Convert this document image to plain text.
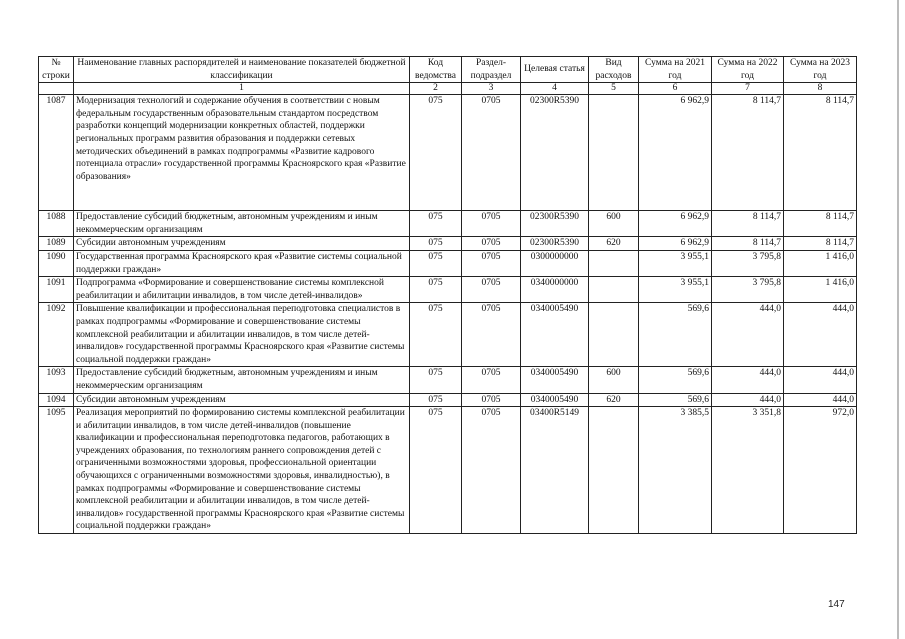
№ строки	Наименование главных распорядителей и наименование показателей бюджетной классификации	Код ведомства	Раздел-подраздел	Целевая статья	Вид расходов	Сумма на 2021 год	Сумма на 2022 год	Сумма на 2023 год
	1	2	3	4	5	6	7	8
1087	Модернизация технологий и содержание обучения в соответствии с новым федеральным государственным образовательным стандартом посредством разработки концепций модернизации конкретных областей, поддержки региональных программ развития образования и поддержки сетевых методических объединений в рамках подпрограммы «Развитие кадрового потенциала отрасли» государственной программы Красноярского края «Развитие образования»	075	0705	02300R5390		6 962,9	8 114,7	8 114,7
1088	Предоставление субсидий бюджетным, автономным учреждениям и иным некоммерческим организациям	075	0705	02300R5390	600	6 962,9	8 114,7	8 114,7
1089	Субсидии автономным учреждениям	075	0705	02300R5390	620	6 962,9	8 114,7	8 114,7
1090	Государственная программа Красноярского края «Развитие системы социальной поддержки граждан»	075	0705	0300000000		3 955,1	3 795,8	1 416,0
1091	Подпрограмма «Формирование и совершенствование системы комплексной реабилитации и абилитации инвалидов, в том числе детей-инвалидов»	075	0705	0340000000		3 955,1	3 795,8	1 416,0
1092	Повышение квалификации и профессиональная переподготовка специалистов в рамках подпрограммы «Формирование и совершенствование системы комплексной реабилитации и абилитации инвалидов, в том числе детей-инвалидов» государственной программы Красноярского края «Развитие системы социальной поддержки граждан»	075	0705	0340005490		569,6	444,0	444,0
1093	Предоставление субсидий бюджетным, автономным учреждениям и иным некоммерческим организациям	075	0705	0340005490	600	569,6	444,0	444,0
1094	Субсидии автономным учреждениям	075	0705	0340005490	620	569,6	444,0	444,0
1095	Реализация мероприятий по формированию системы комплексной реабилитации и абилитации инвалидов, в том числе детей-инвалидов (повышение квалификации и профессиональная переподготовка педагогов, работающих в учреждениях образования, по технологиям раннего сопровождения детей с ограниченными возможностями здоровья, профессиональной ориентации обучающихся с ограниченными возможностями здоровья, инвалидностью), в рамках подпрограммы «Формирование и совершенствование системы комплексной реабилитации и абилитации инвалидов, в том числе детей-инвалидов» государственной программы Красноярского края «Развитие системы социальной поддержки граждан»	075	0705	03400R5149		3 385,5	3 351,8	972,0
147
